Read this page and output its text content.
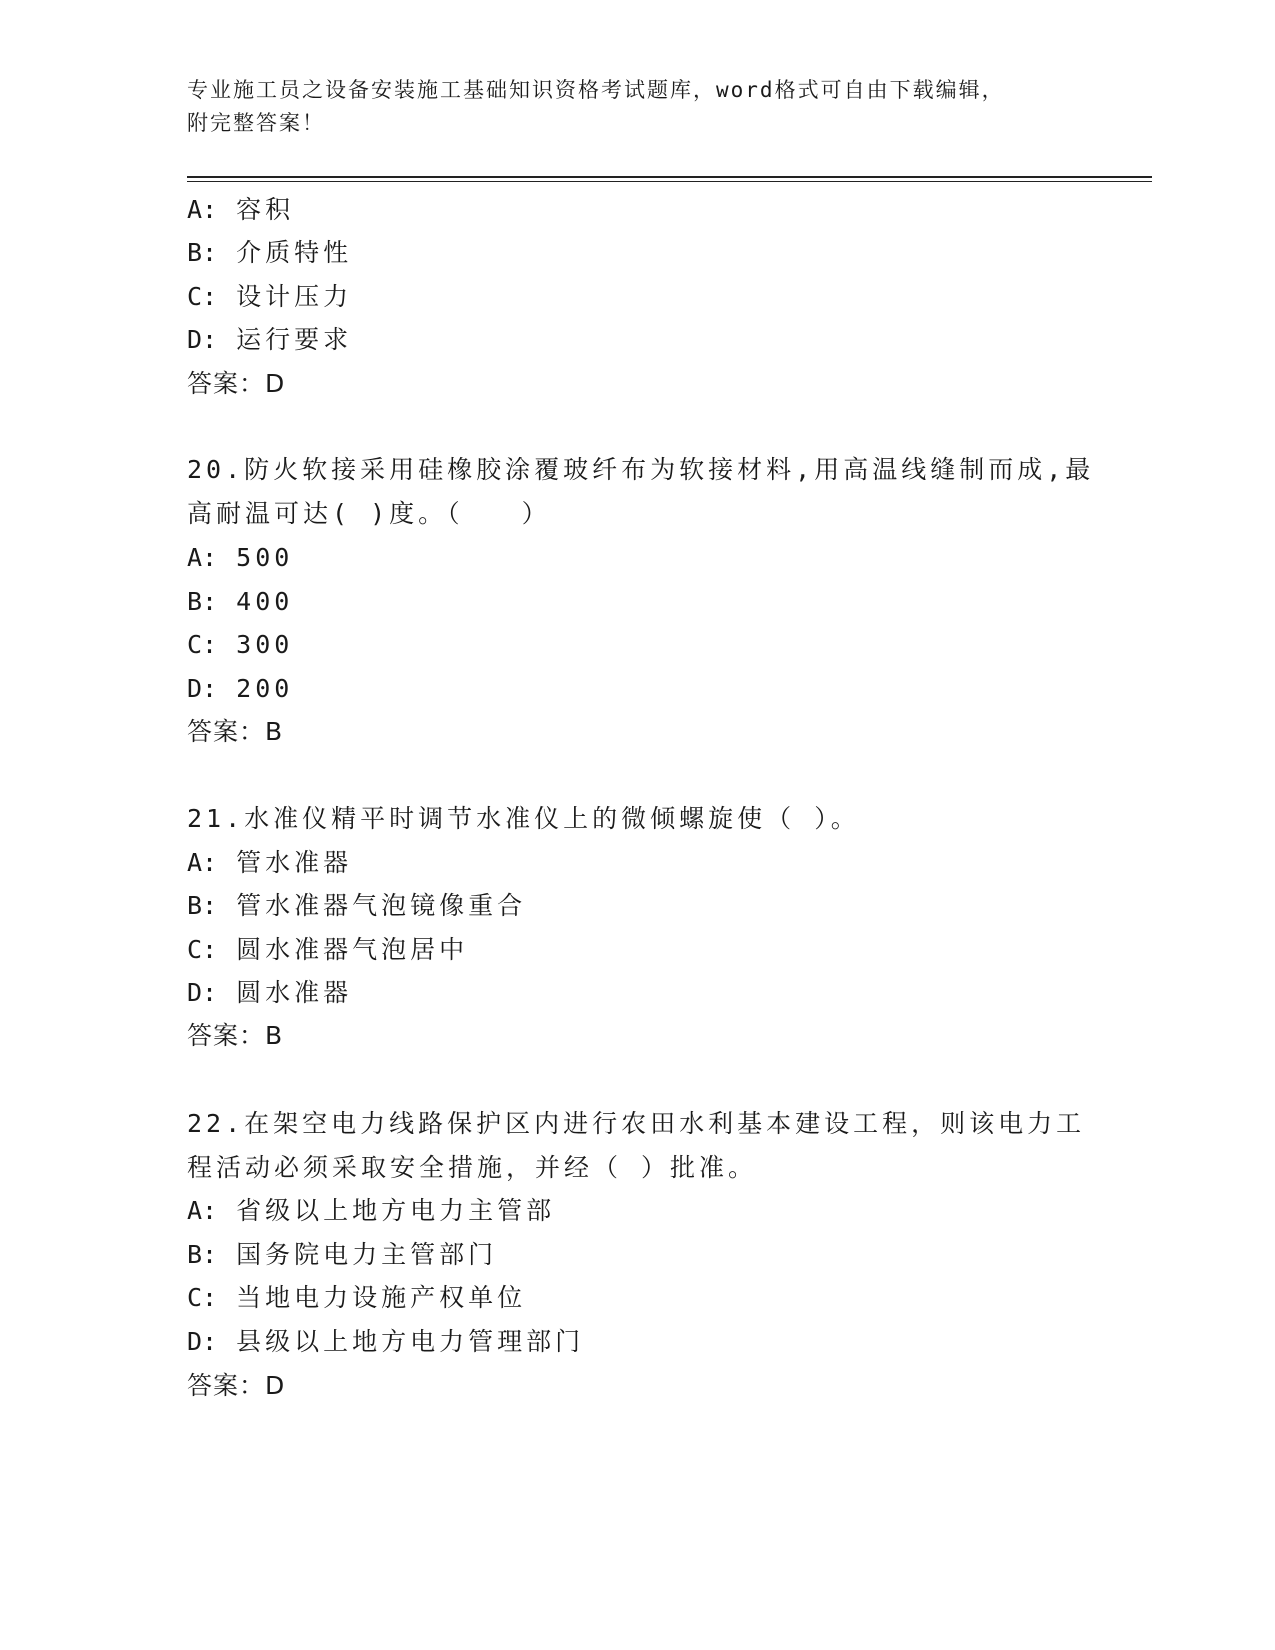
专业施工员之设备安装施工基础知识资格考试题库，word格式可自由下载编辑，
附完整答案！
A: 容积
B: 介质特性
C: 设计压力
D: 运行要求
答案：D
20.防火软接采用硅橡胶涂覆玻纤布为软接材料,用高温线缝制而成,最
高耐温可达( )度。（　　）
A: 500
B: 400
C: 300
D: 200
答案：B
21.水准仪精平时调节水准仪上的微倾螺旋使（ ）。
A: 管水准器
B: 管水准器气泡镜像重合
C: 圆水准器气泡居中
D: 圆水准器
答案：B
22.在架空电力线路保护区内进行农田水利基本建设工程，则该电力工
程活动必须采取安全措施，并经（ ）批准。
A: 省级以上地方电力主管部
B: 国务院电力主管部门
C: 当地电力设施产权单位
D: 县级以上地方电力管理部门
答案：D
